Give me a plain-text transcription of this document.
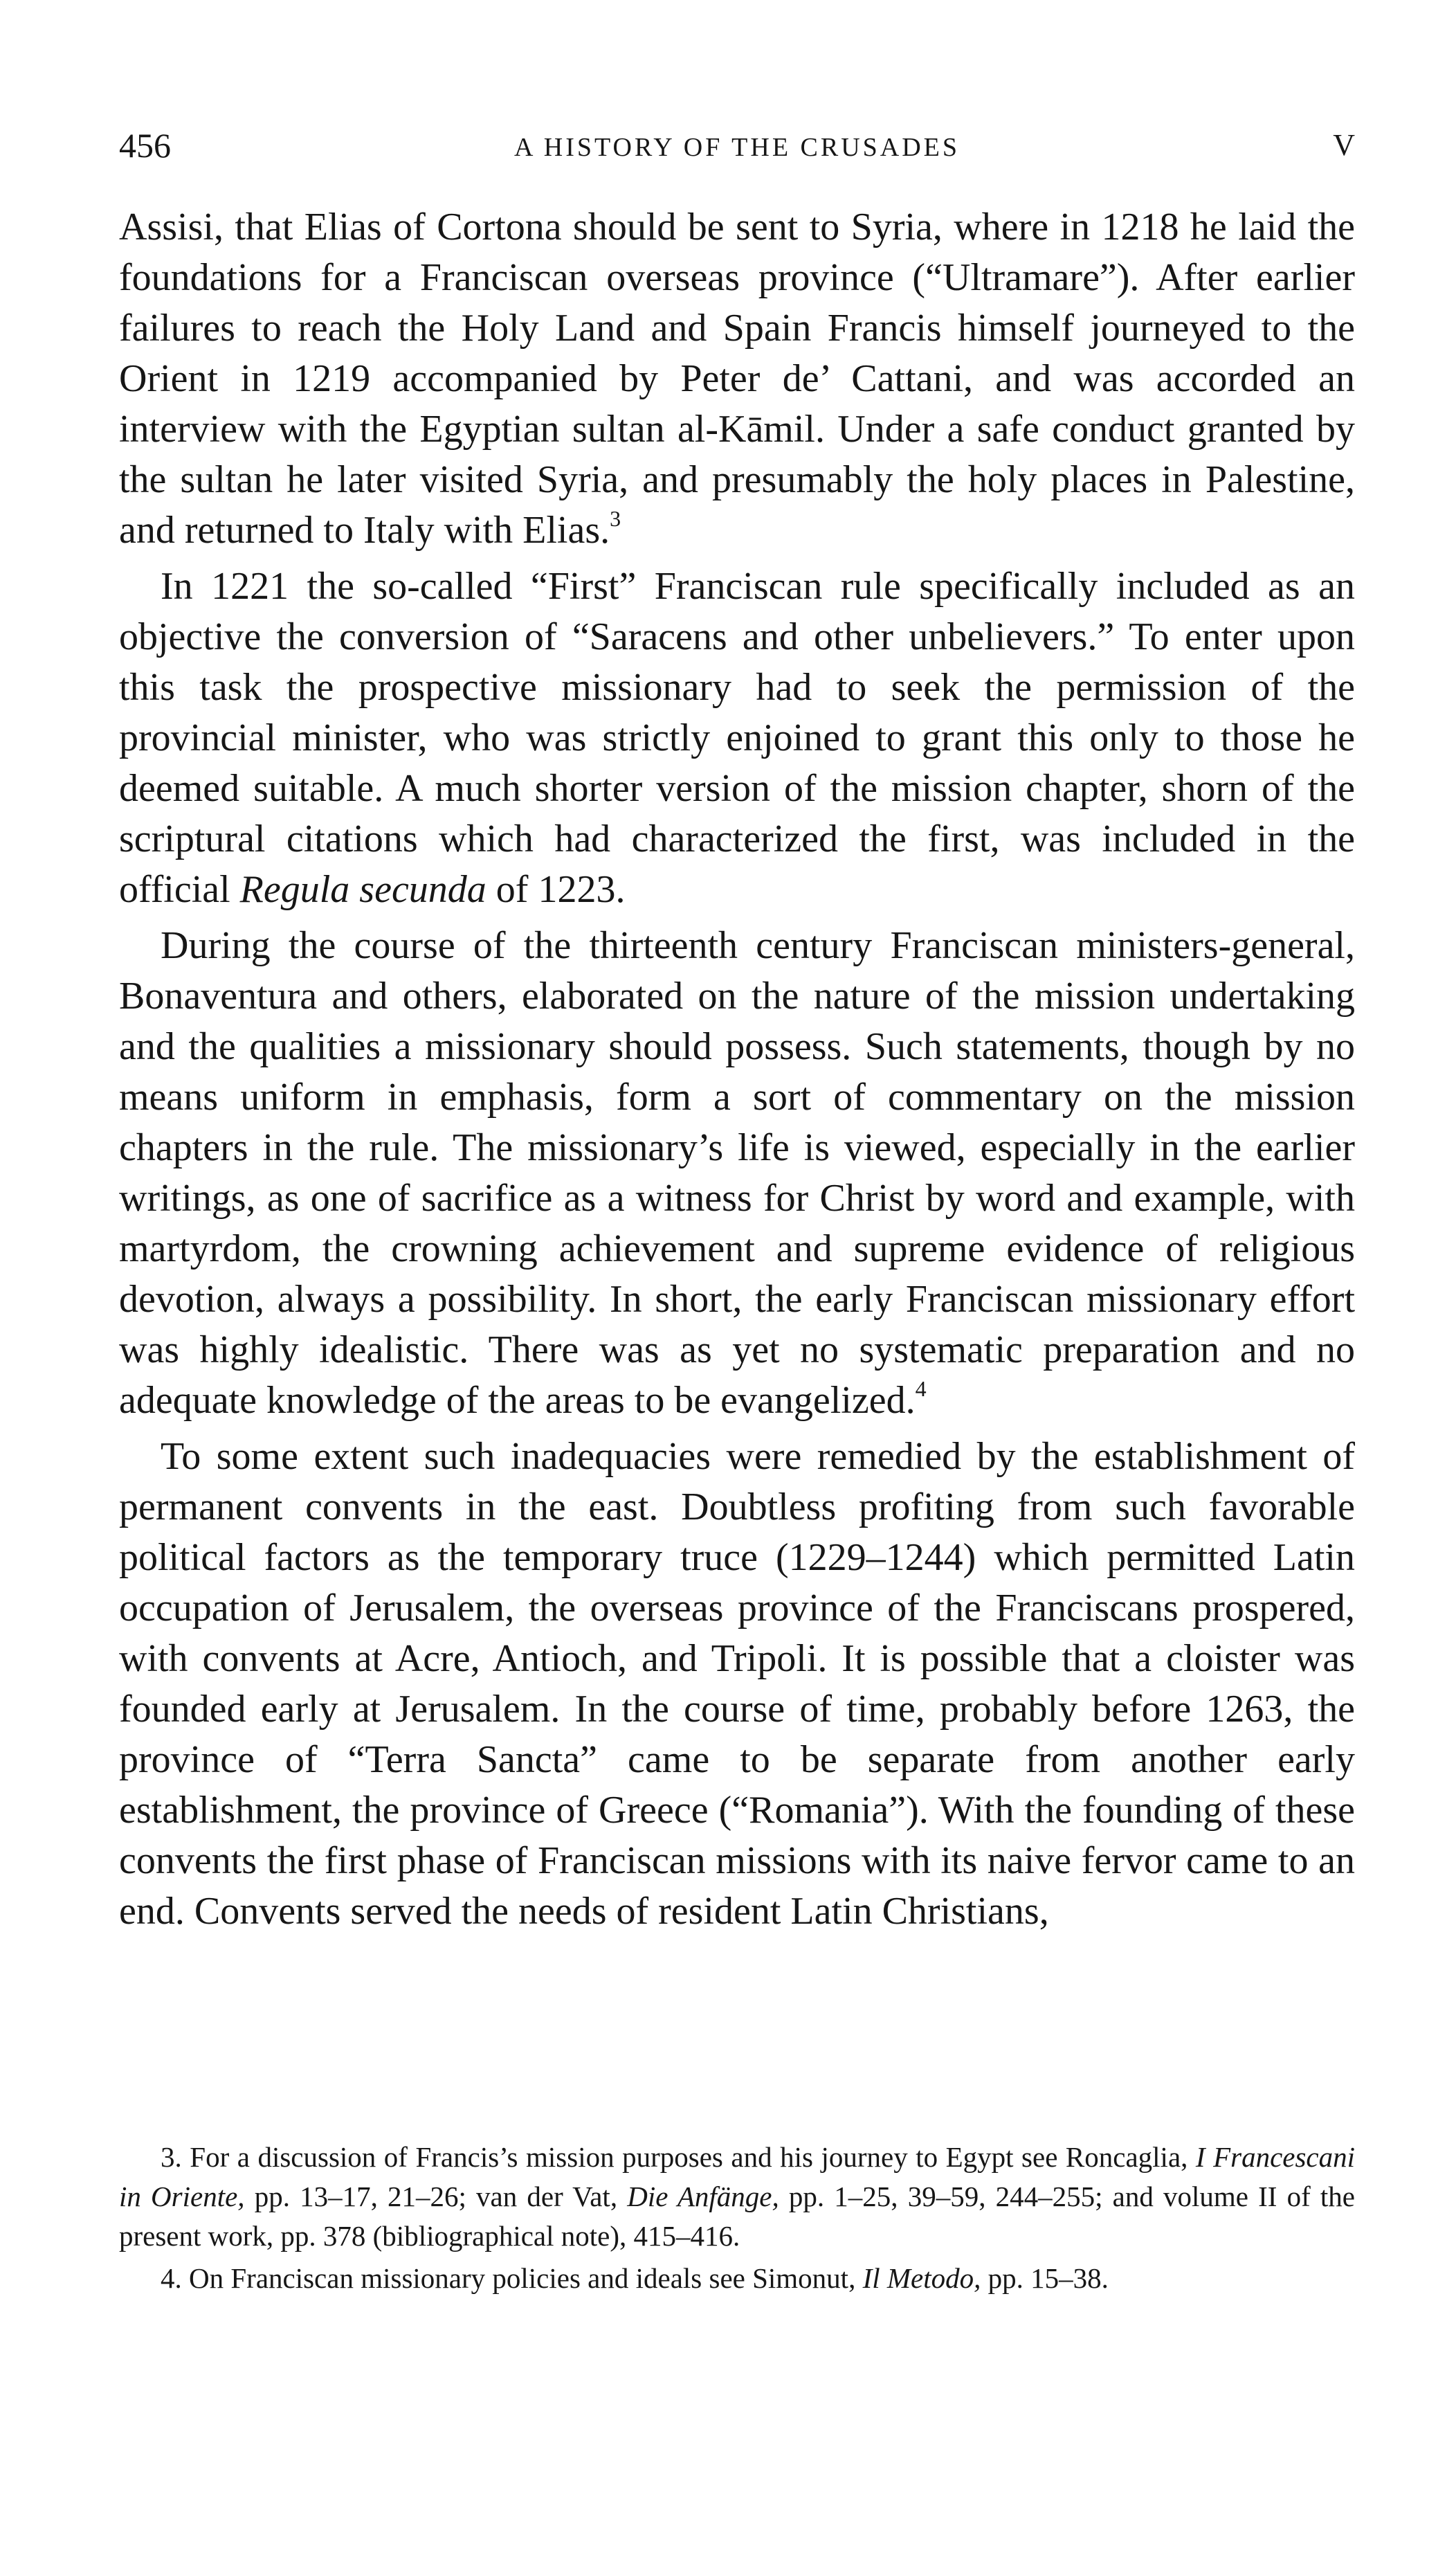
456	A HISTORY OF THE CRUSADES	V

Assisi, that Elias of Cortona should be sent to Syria, where in 1218 he laid the foundations for a Franciscan overseas province (“Ultramare”). After earlier failures to reach the Holy Land and Spain Francis himself journeyed to the Orient in 1219 accompanied by Peter de’ Cattani, and was accorded an interview with the Egyptian sultan al-Kāmil. Under a safe conduct granted by the sultan he later visited Syria, and presumably the holy places in Palestine, and returned to Italy with Elias.$^3$

In 1221 the so-called “First” Franciscan rule specifically included as an objective the conversion of “Saracens and other unbelievers.” To enter upon this task the prospective missionary had to seek the permission of the provincial minister, who was strictly enjoined to grant this only to those he deemed suitable. A much shorter version of the mission chapter, shorn of the scriptural citations which had characterized the first, was included in the official Regula secunda of 1223.

During the course of the thirteenth century Franciscan ministers-general, Bonaventura and others, elaborated on the nature of the mission undertaking and the qualities a missionary should possess. Such statements, though by no means uniform in emphasis, form a sort of commentary on the mission chapters in the rule. The missionary’s life is viewed, especially in the earlier writings, as one of sacrifice as a witness for Christ by word and example, with martyrdom, the crowning achievement and supreme evidence of religious devotion, always a possibility. In short, the early Franciscan missionary effort was highly idealistic. There was as yet no systematic preparation and no adequate knowledge of the areas to be evangelized.$^4$

To some extent such inadequacies were remedied by the establishment of permanent convents in the east. Doubtless profiting from such favorable political factors as the temporary truce (1229–1244) which permitted Latin occupation of Jerusalem, the overseas province of the Franciscans prospered, with convents at Acre, Antioch, and Tripoli. It is possible that a cloister was founded early at Jerusalem. In the course of time, probably before 1263, the province of “Terra Sancta” came to be separate from another early establishment, the province of Greece (“Romania”). With the founding of these convents the first phase of Franciscan missions with its naive fervor came to an end. Convents served the needs of resident Latin Christians,

3. For a discussion of Francis’s mission purposes and his journey to Egypt see Roncaglia, I Francescani in Oriente, pp. 13–17, 21–26; van der Vat, Die Anfänge, pp. 1–25, 39–59, 244–255; and volume II of the present work, pp. 378 (bibliographical note), 415–416.

4. On Franciscan missionary policies and ideals see Simonut, Il Metodo, pp. 15–38.
